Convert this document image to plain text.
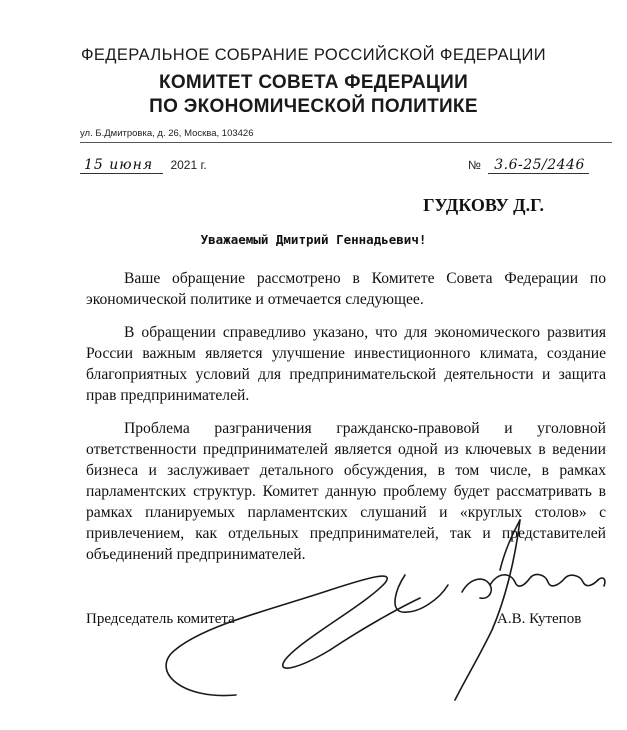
ФЕДЕРАЛЬНОЕ СОБРАНИЕ РОССИЙСКОЙ ФЕДЕРАЦИИ
КОМИТЕТ СОВЕТА ФЕДЕРАЦИИ
ПО ЭКОНОМИЧЕСКОЙ ПОЛИТИКЕ
ул. Б.Дмитровка, д. 26, Москва, 103426
15 июня 2021 г.	№ 3.6-25/2446
ГУДКОВУ Д.Г.
Уважаемый Дмитрий Геннадьевич!

Ваше обращение рассмотрено в Комитете Совета Федерации по экономической политике и отмечается следующее.

В обращении справедливо указано, что для экономического развития России важным является улучшение инвестиционного климата, создание благоприятных условий для предпринимательской деятельности и защита прав предпринимателей.

Проблема разграничения гражданско-правовой и уголовной ответственности предпринимателей является одной из ключевых в ведении бизнеса и заслуживает детального обсуждения, в том числе, в рамках парламентских структур. Комитет данную проблему будет рассматривать в рамках планируемых парламентских слушаний и «круглых столов» с привлечением, как отдельных предпринимателей, так и представителей объединений предпринимателей.

Председатель комитета	А.В. Кутепов
